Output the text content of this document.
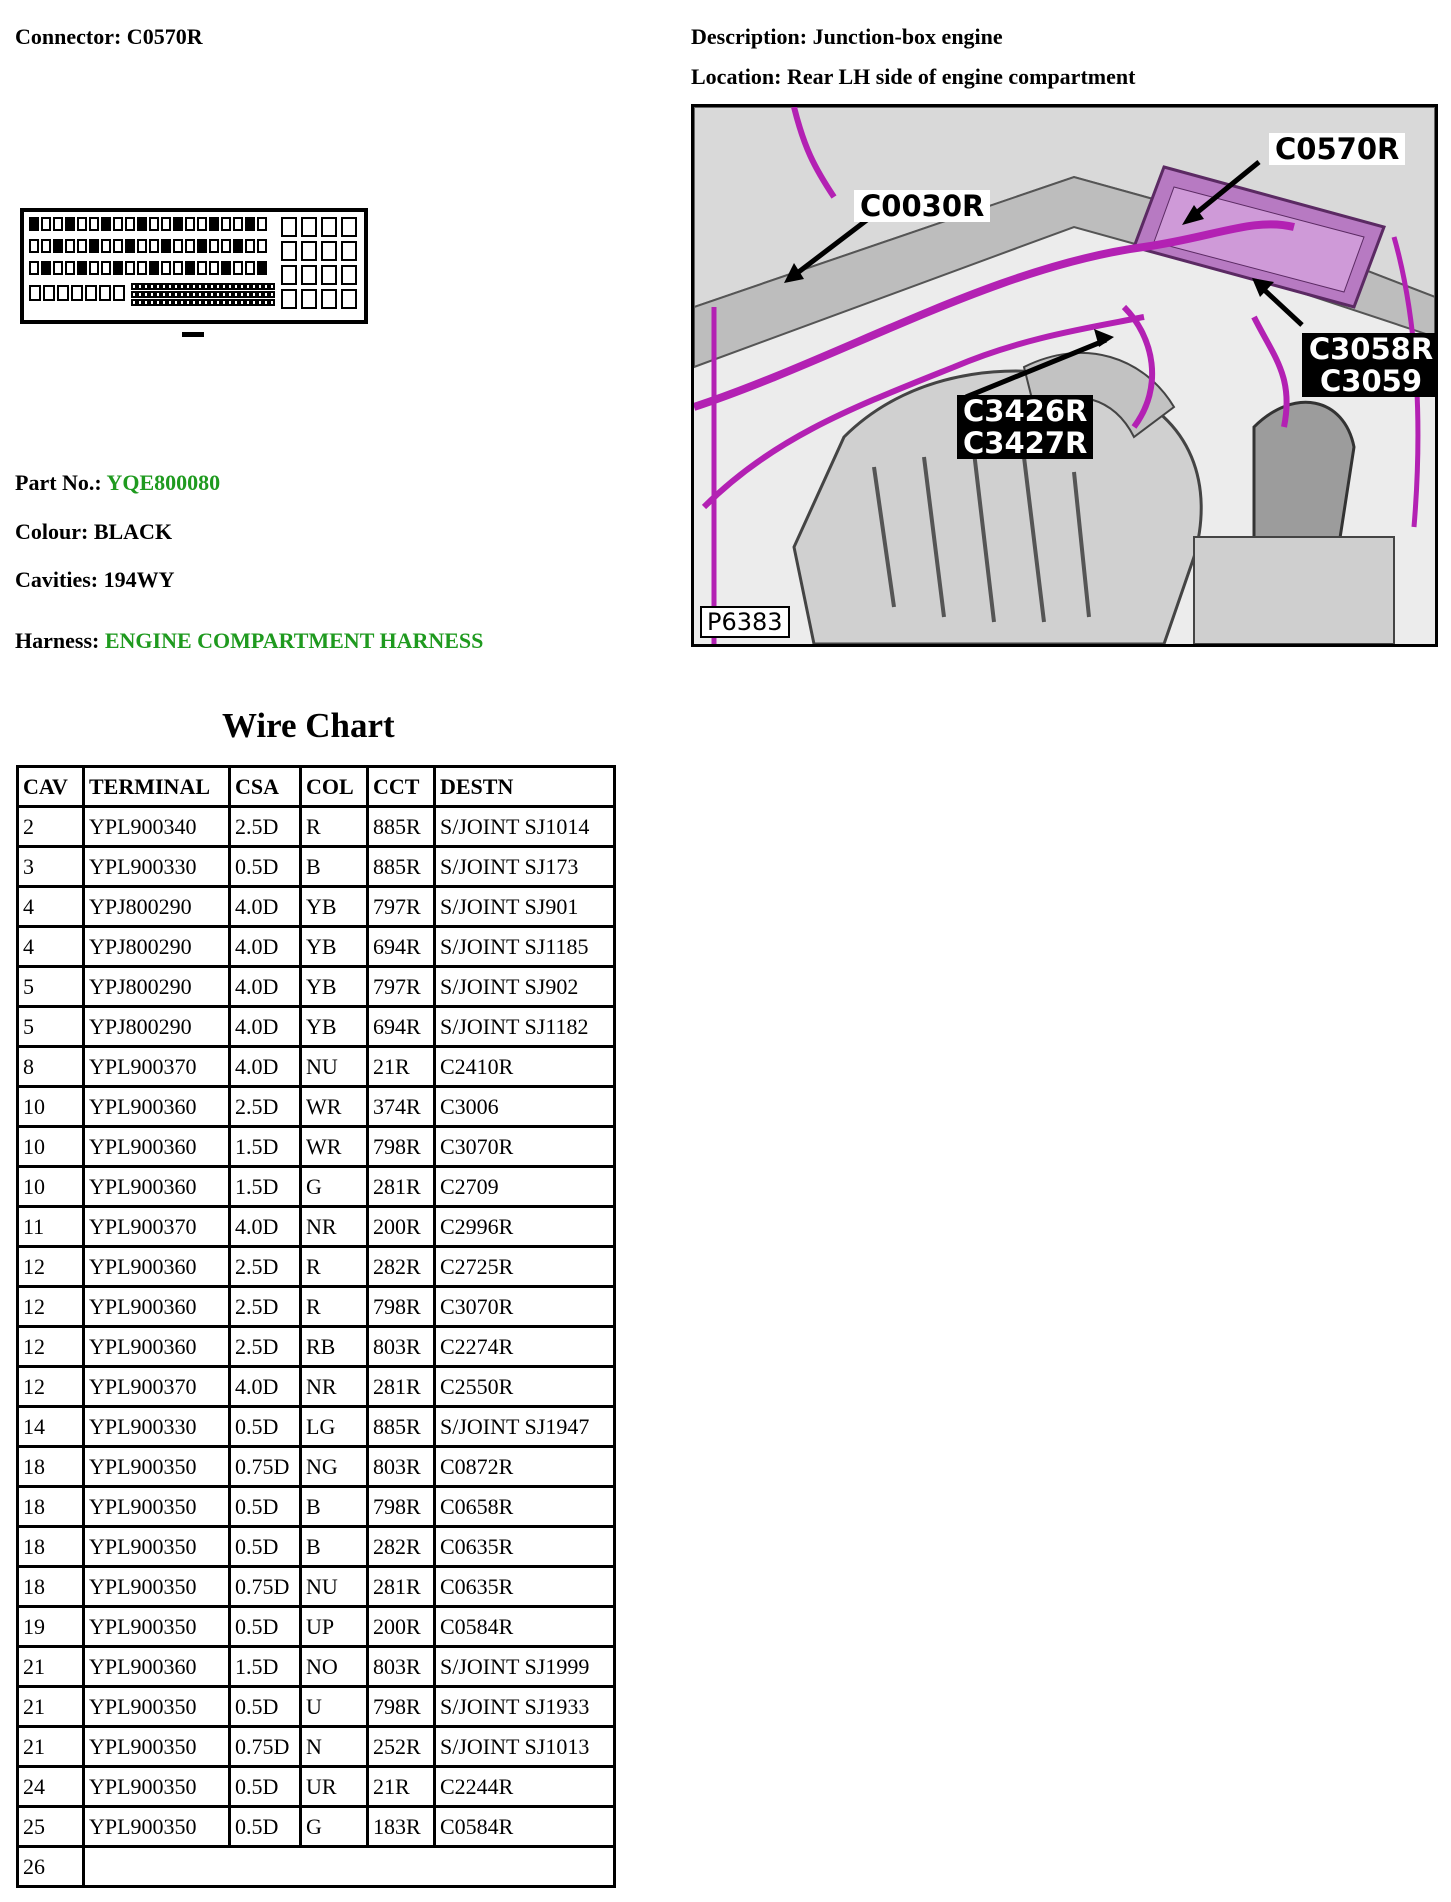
Connector: C0570R	Description: Junction-box engine
Location: Rear LH side of engine compartment
Part No.: YQE800080
Colour: BLACK
Cavities: 194WY
Harness: ENGINE COMPARTMENT HARNESS
C0570R
C0030R
C3058R
C3059
C3426R
C3427R
P6383
Wire Chart
CAV	TERMINAL	CSA	COL	CCT	DESTN
2	YPL900340	2.5D	R	885R	S/JOINT SJ1014
3	YPL900330	0.5D	B	885R	S/JOINT SJ173
4	YPJ800290	4.0D	YB	797R	S/JOINT SJ901
4	YPJ800290	4.0D	YB	694R	S/JOINT SJ1185
5	YPJ800290	4.0D	YB	797R	S/JOINT SJ902
5	YPJ800290	4.0D	YB	694R	S/JOINT SJ1182
8	YPL900370	4.0D	NU	21R	C2410R
10	YPL900360	2.5D	WR	374R	C3006
10	YPL900360	1.5D	WR	798R	C3070R
10	YPL900360	1.5D	G	281R	C2709
11	YPL900370	4.0D	NR	200R	C2996R
12	YPL900360	2.5D	R	282R	C2725R
12	YPL900360	2.5D	R	798R	C3070R
12	YPL900360	2.5D	RB	803R	C2274R
12	YPL900370	4.0D	NR	281R	C2550R
14	YPL900330	0.5D	LG	885R	S/JOINT SJ1947
18	YPL900350	0.75D	NG	803R	C0872R
18	YPL900350	0.5D	B	798R	C0658R
18	YPL900350	0.5D	B	282R	C0635R
18	YPL900350	0.75D	NU	281R	C0635R
19	YPL900350	0.5D	UP	200R	C0584R
21	YPL900360	1.5D	NO	803R	S/JOINT SJ1999
21	YPL900350	0.5D	U	798R	S/JOINT SJ1933
21	YPL900350	0.75D	N	252R	S/JOINT SJ1013
24	YPL900350	0.5D	UR	21R	C2244R
25	YPL900350	0.5D	G	183R	C0584R
26					
